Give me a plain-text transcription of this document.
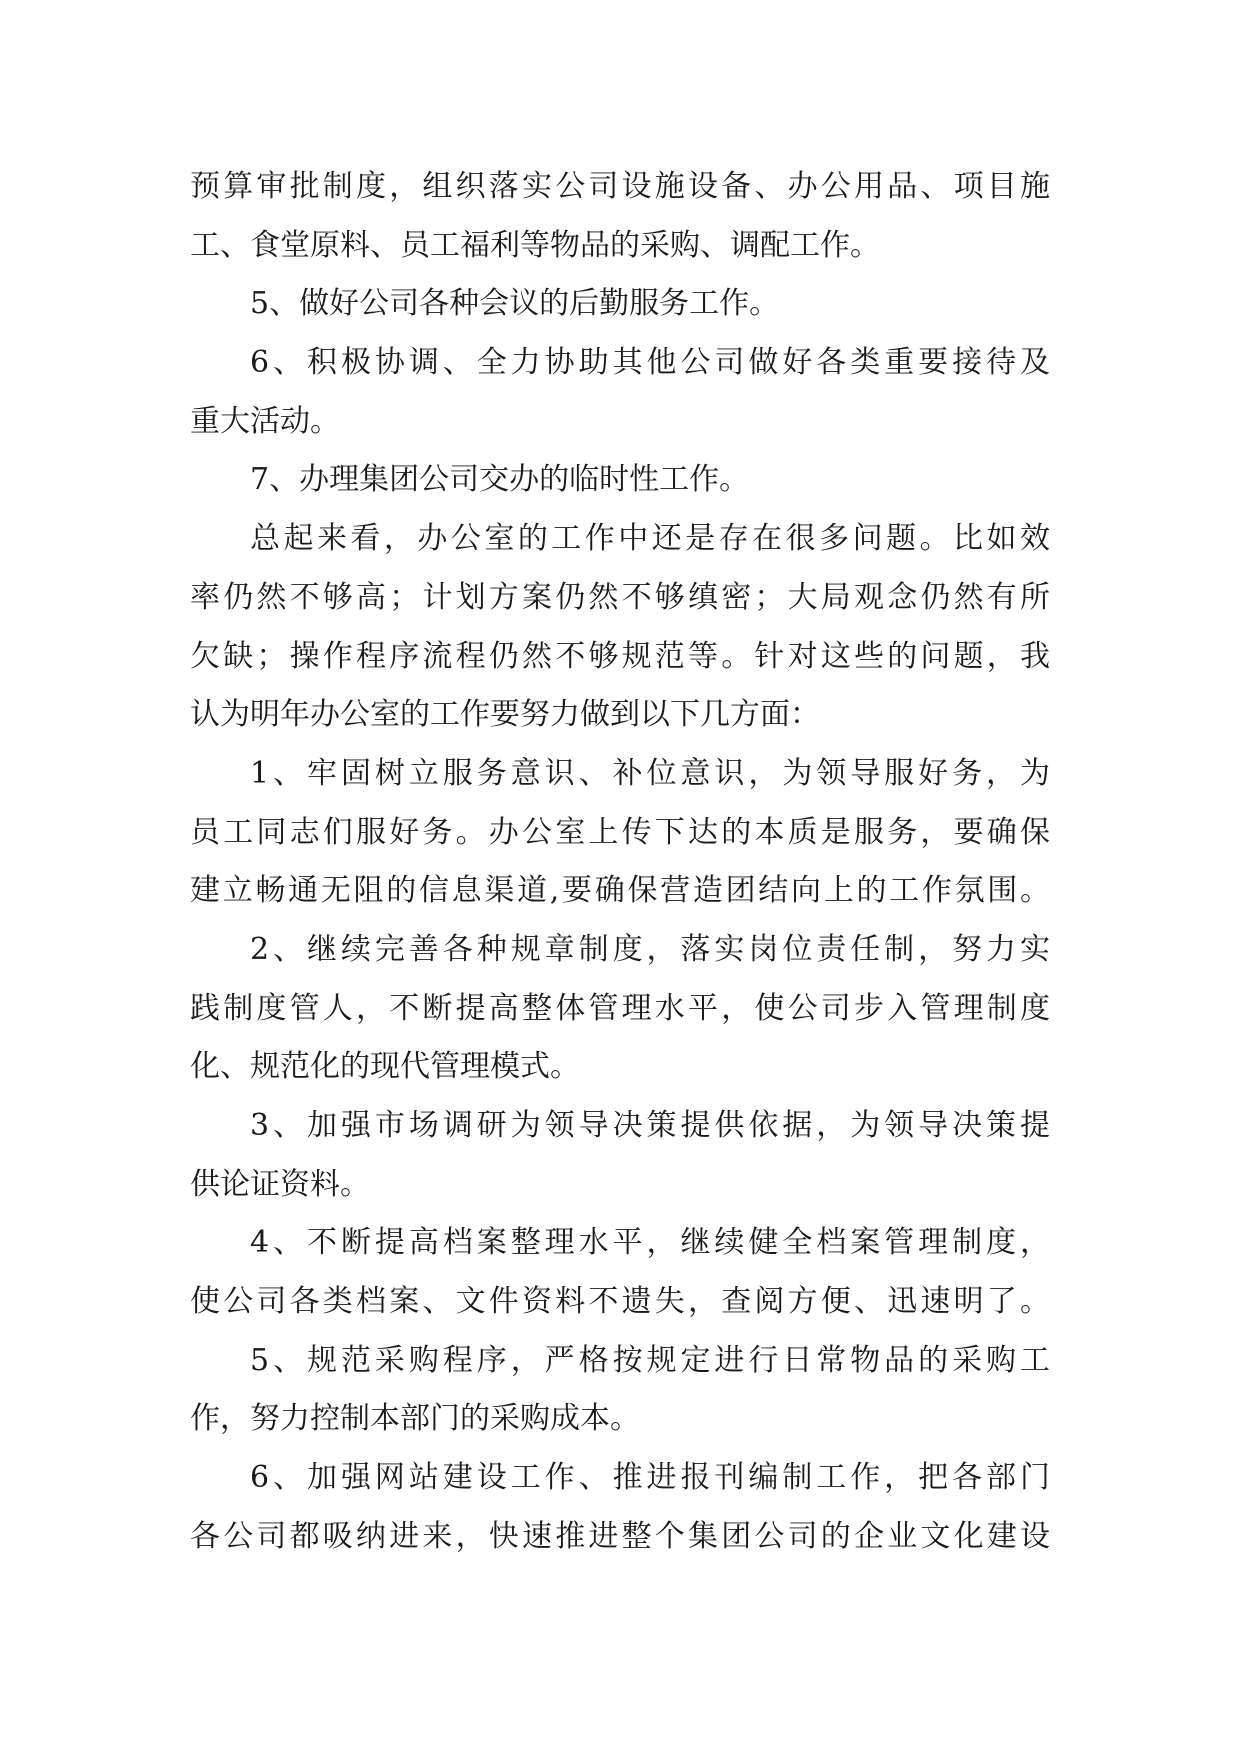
预算审批制度，组织落实公司设施设备、办公用品、项目施
工、食堂原料、员工福利等物品的采购、调配工作。
5、做好公司各种会议的后勤服务工作。
6、积极协调、全力协助其他公司做好各类重要接待及
重大活动。
7、办理集团公司交办的临时性工作。
总起来看，办公室的工作中还是存在很多问题。比如效
率仍然不够高；计划方案仍然不够缜密；大局观念仍然有所
欠缺；操作程序流程仍然不够规范等。针对这些的问题，我
认为明年办公室的工作要努力做到以下几方面：
1、牢固树立服务意识、补位意识，为领导服好务，为
员工同志们服好务。办公室上传下达的本质是服务，要确保
建立畅通无阻的信息渠道,要确保营造团结向上的工作氛围。
2、继续完善各种规章制度，落实岗位责任制，努力实
践制度管人，不断提高整体管理水平，使公司步入管理制度
化、规范化的现代管理模式。
3、加强市场调研为领导决策提供依据，为领导决策提
供论证资料。
4、不断提高档案整理水平，继续健全档案管理制度，
使公司各类档案、文件资料不遗失，查阅方便、迅速明了。
5、规范采购程序，严格按规定进行日常物品的采购工
作，努力控制本部门的采购成本。
6、加强网站建设工作、推进报刊编制工作，把各部门
各公司都吸纳进来，快速推进整个集团公司的企业文化建设
